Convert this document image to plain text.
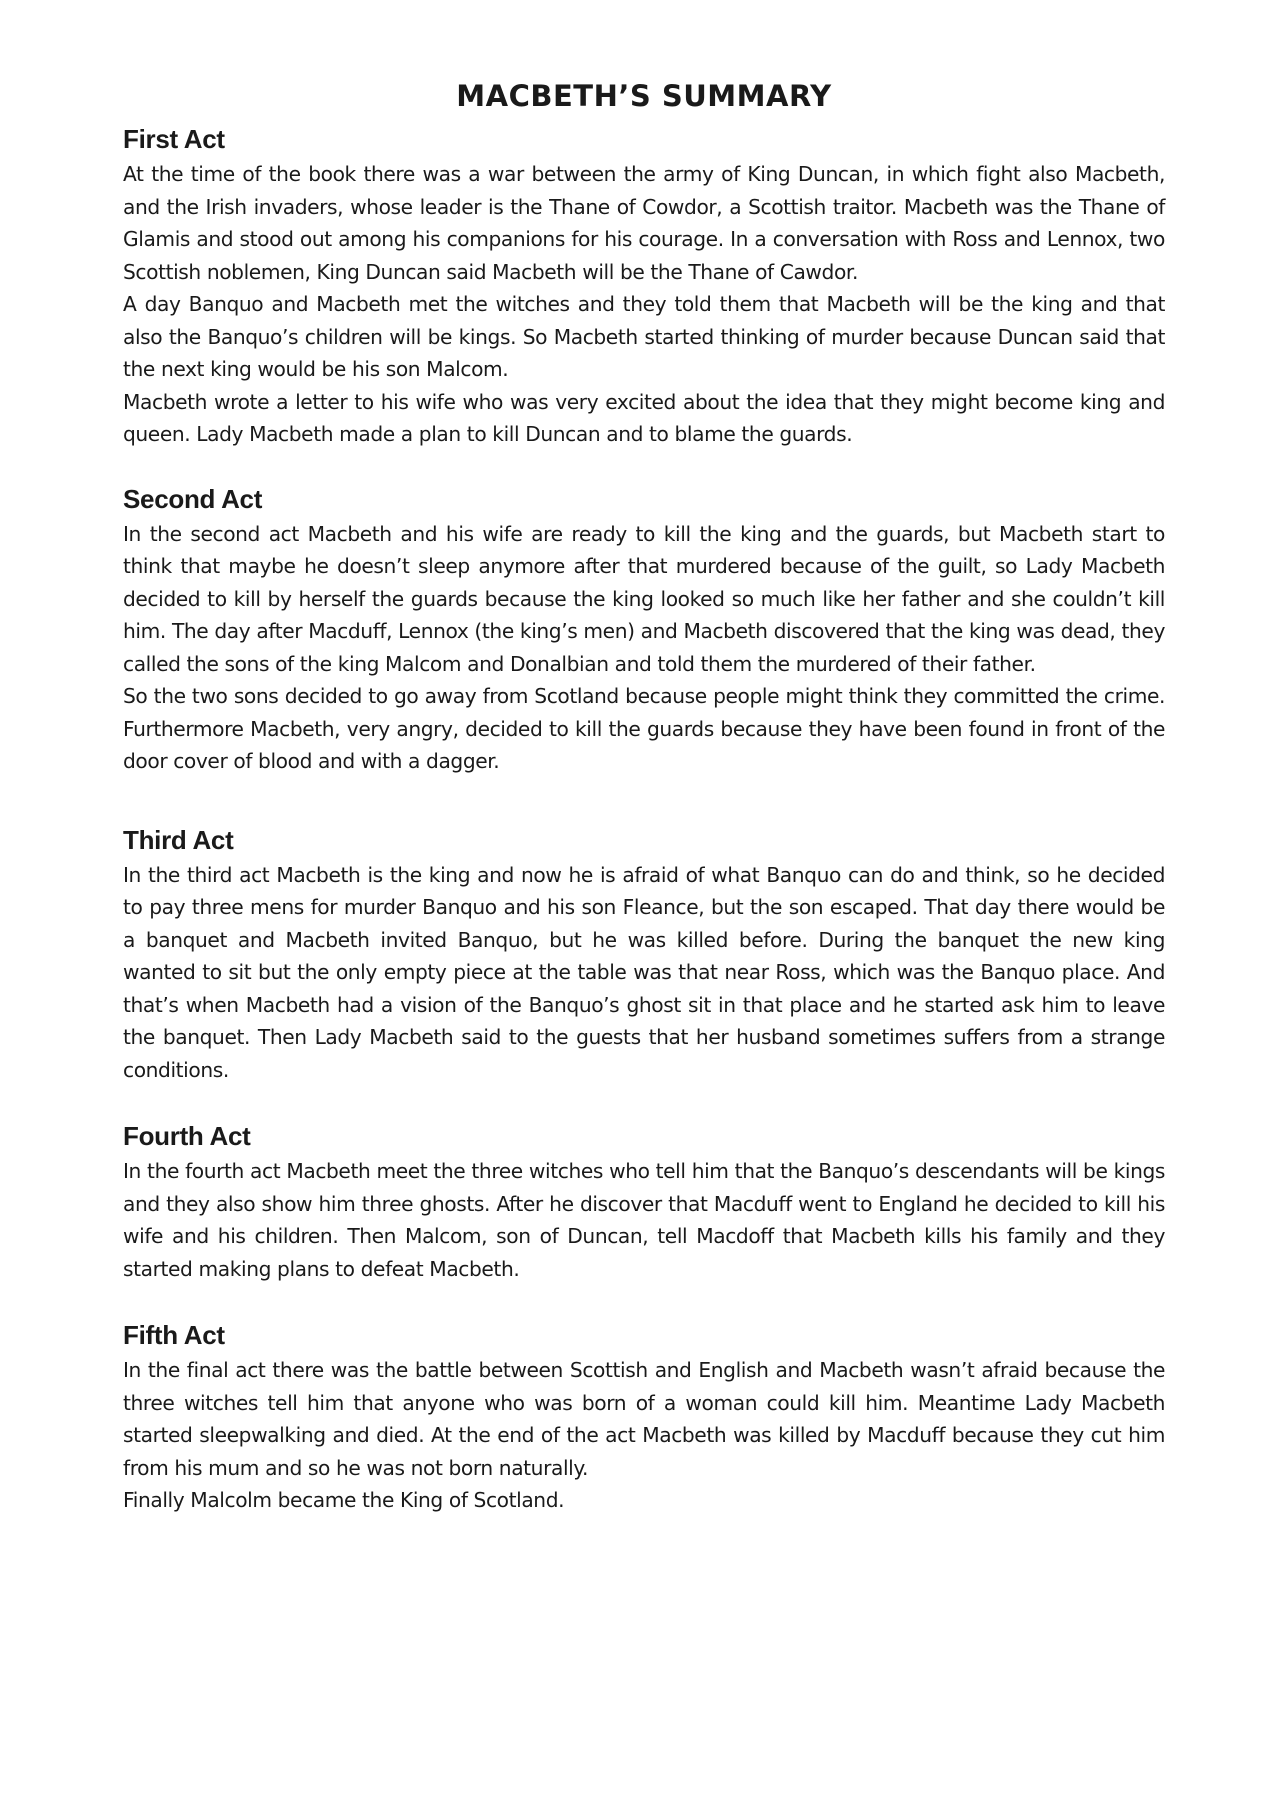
MACBETH’S SUMMARY
First Act

At the time of the book there was a war between the army of King Duncan, in which fight also Macbeth, and the Irish invaders, whose leader is the Thane of Cowdor, a Scottish traitor. Macbeth was the Thane of Glamis and stood out among his companions for his courage. In a conversation with Ross and Lennox, two Scottish noblemen, King Duncan said Macbeth will be the Thane of Cawdor.

A day Banquo and Macbeth met the witches and they told them that Macbeth will be the king and that also the Banquo’s children will be kings. So Macbeth started thinking of murder because Duncan said that the next king would be his son Malcom.

Macbeth wrote a letter to his wife who was very excited about the idea that they might become king and queen. Lady Macbeth made a plan to kill Duncan and to blame the guards.

Second Act

In the second act Macbeth and his wife are ready to kill the king and the guards, but Macbeth start to think that maybe he doesn’t sleep anymore after that murdered because of the guilt, so Lady Macbeth decided to kill by herself the guards because the king looked so much like her father and she couldn’t kill him. The day after Macduff, Lennox (the king’s men) and Macbeth discovered that the king was dead, they called the sons of the king Malcom and Donalbian and told them the murdered of their father.

So the two sons decided to go away from Scotland because people might think they committed the crime. Furthermore Macbeth, very angry, decided to kill the guards because they have been found in front of the door cover of blood and with a dagger.

Third Act

In the third act Macbeth is the king and now he is afraid of what Banquo can do and think, so he decided to pay three mens for murder Banquo and his son Fleance, but the son escaped. That day there would be a banquet and Macbeth invited Banquo, but he was killed before. During the banquet the new king wanted to sit but the only empty piece at the table was that near Ross, which was the Banquo place. And that’s when Macbeth had a vision of the Banquo’s ghost sit in that place and he started ask him to leave the banquet. Then Lady Macbeth said to the guests that her husband sometimes suffers from a strange conditions.

Fourth Act

In the fourth act Macbeth meet the three witches who tell him that the Banquo’s descendants will be kings and they also show him three ghosts. After he discover that Macduff went to England he decided to kill his wife and his children. Then Malcom, son of Duncan, tell Macdoff that Macbeth kills his family and they started making plans to defeat Macbeth.

Fifth Act

In the final act there was the battle between Scottish and English and Macbeth wasn’t afraid because the three witches tell him that anyone who was born of a woman could kill him. Meantime Lady Macbeth started sleepwalking and died. At the end of the act Macbeth was killed by Macduff because they cut him from his mum and so he was not born naturally.

Finally Malcolm became the King of Scotland.
